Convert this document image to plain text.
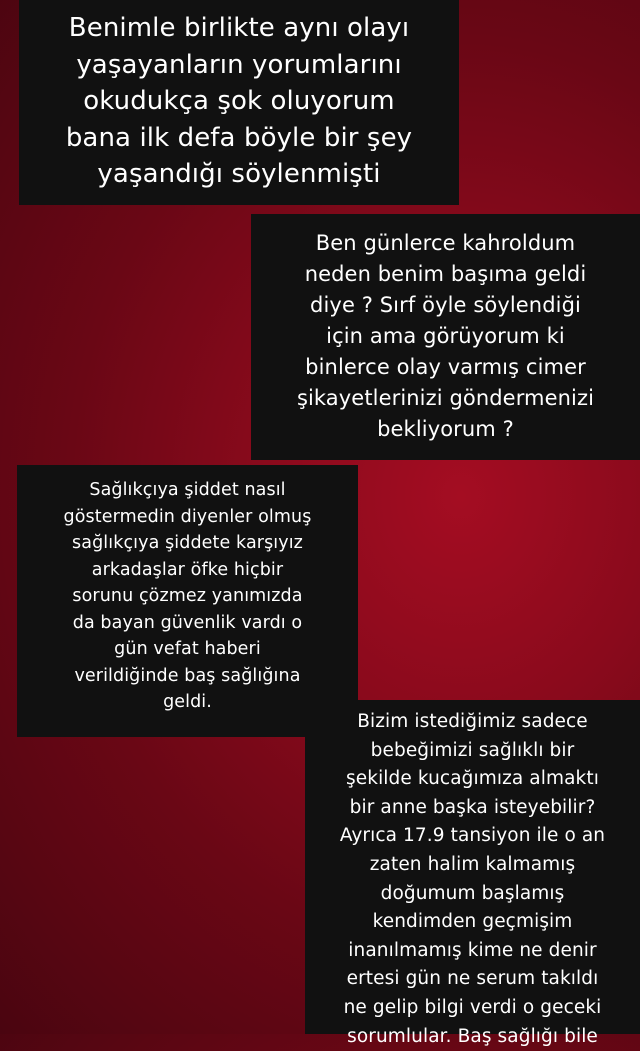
Benimle birlikte aynı olayı
yaşayanların yorumlarını
okudukça şok oluyorum
bana ilk defa böyle bir şey
yaşandığı söylenmişti
Ben günlerce kahroldum
neden benim başıma geldi
diye ? Sırf öyle söylendiği
için ama görüyorum ki
binlerce olay varmış cimer
şikayetlerinizi göndermenizi
bekliyorum ?
Sağlıkçıya şiddet nasıl
göstermedin diyenler olmuş
sağlıkçıya şiddete karşıyız
arkadaşlar öfke hiçbir
sorunu çözmez yanımızda
da bayan güvenlik vardı o
gün vefat haberi
verildiğinde baş sağlığına
geldi.
Bizim istediğimiz sadece
bebeğimizi sağlıklı bir
şekilde kucağımıza almaktı
bir anne başka isteyebilir?
Ayrıca 17.9 tansiyon ile o an
zaten halim kalmamış
doğumum başlamış
kendimden geçmişim
inanılmamış kime ne denir
ertesi gün ne serum takıldı
ne gelip bilgi verdi o geceki
sorumlular. Baş sağlığı bile
